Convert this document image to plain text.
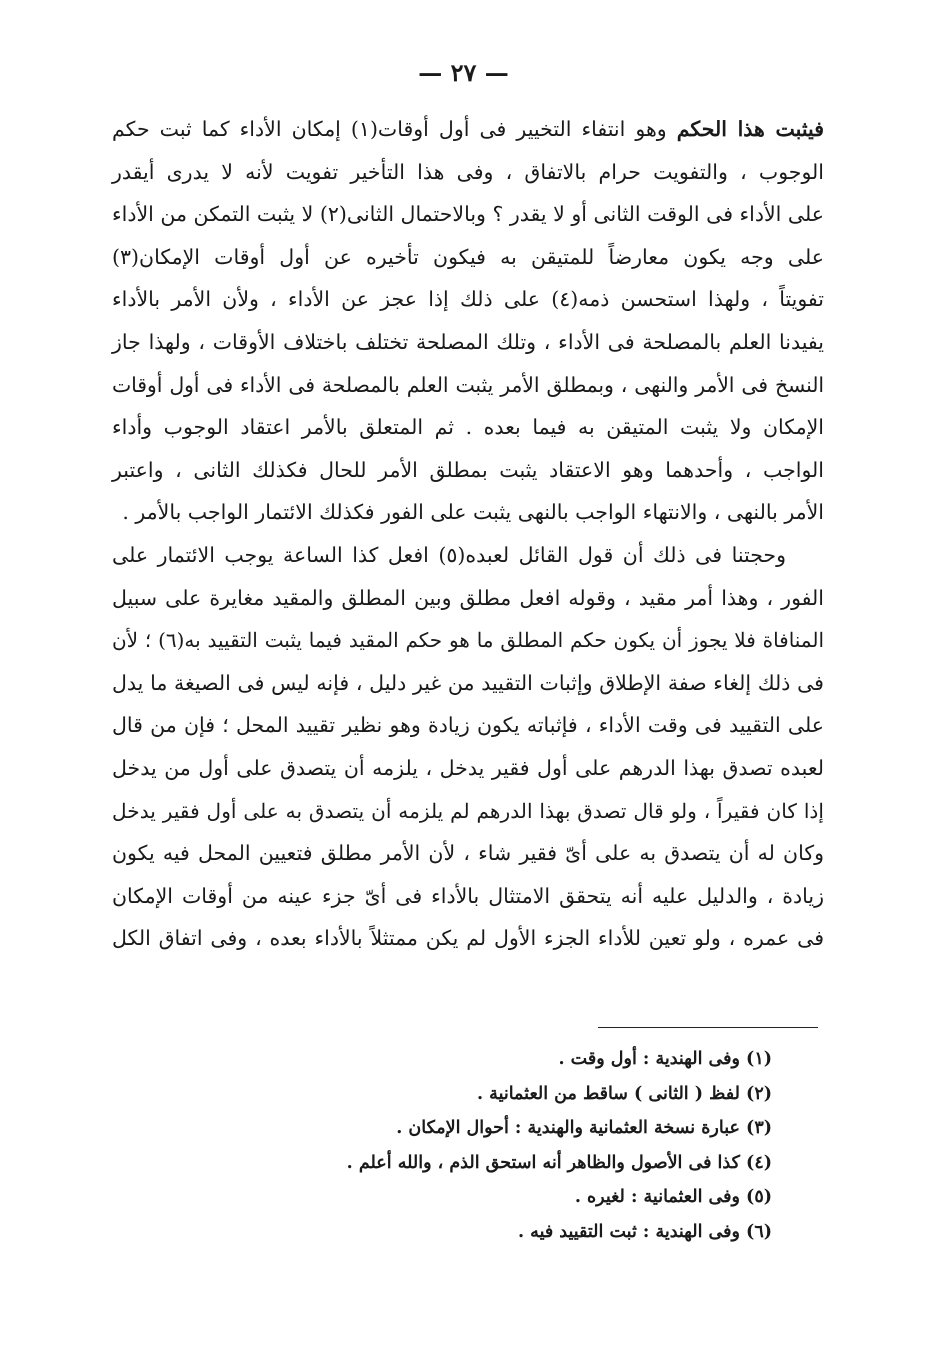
— ٢٧ —
فيثبت هذا الحكم وهو انتفاء التخيير فى أول أوقات(١) إمكان الأداء كما ثبت حكم
الوجوب ، والتفويت حرام بالاتفاق ، وفى هذا التأخير تفويت لأنه لا يدرى أيقدر
على الأداء فى الوقت الثانى أو لا يقدر ؟ وبالاحتمال الثانى(٢) لا يثبت التمكن من الأداء
على وجه يكون معارضاً للمتيقن به فيكون تأخيره عن أول أوقات الإمكان(٣)
تفويتاً ، ولهذا استحسن ذمه(٤) على ذلك إذا عجز عن الأداء ، ولأن الأمر بالأداء
يفيدنا العلم بالمصلحة فى الأداء ، وتلك المصلحة تختلف باختلاف الأوقات ، ولهذا جاز
النسخ فى الأمر والنهى ، وبمطلق الأمر يثبت العلم بالمصلحة فى الأداء فى أول أوقات
الإمكان ولا يثبت المتيقن به فيما بعده . ثم المتعلق بالأمر اعتقاد الوجوب وأداء
الواجب ، وأحدهما وهو الاعتقاد يثبت بمطلق الأمر للحال فكذلك الثانى ، واعتبر
الأمر بالنهى ، والانتهاء الواجب بالنهى يثبت على الفور فكذلك الائتمار الواجب بالأمر .
وحجتنا فى ذلك أن قول القائل لعبده(٥) افعل كذا الساعة يوجب الائتمار على
الفور ، وهذا أمر مقيد ، وقوله افعل مطلق وبين المطلق والمقيد مغايرة على سبيل
المنافاة فلا يجوز أن يكون حكم المطلق ما هو حكم المقيد فيما يثبت التقييد به(٦) ؛ لأن
فى ذلك إلغاء صفة الإطلاق وإثبات التقييد من غير دليل ، فإنه ليس فى الصيغة ما يدل
على التقييد فى وقت الأداء ، فإثباته يكون زيادة وهو نظير تقييد المحل ؛ فإن من قال
لعبده تصدق بهذا الدرهم على أول فقير يدخل ، يلزمه أن يتصدق على أول من يدخل
إذا كان فقيراً ، ولو قال تصدق بهذا الدرهم لم يلزمه أن يتصدق به على أول فقير يدخل
وكان له أن يتصدق به على أىّ فقير شاء ، لأن الأمر مطلق فتعيين المحل فيه يكون
زيادة ، والدليل عليه أنه يتحقق الامتثال بالأداء فى أىّ جزء عينه من أوقات الإمكان
فى عمره ، ولو تعين للأداء الجزء الأول لم يكن ممتثلاً بالأداء بعده ، وفى اتفاق الكل
(١) وفى الهندية : أول وقت .
(٢) لفظ ( الثانى ) ساقط من العثمانية .
(٣) عبارة نسخة العثمانية والهندية : أحوال الإمكان .
(٤) كذا فى الأصول والظاهر أنه استحق الذم ، والله أعلم .
(٥) وفى العثمانية : لغيره .
(٦) وفى الهندية : ثبت التقييد فيه .
